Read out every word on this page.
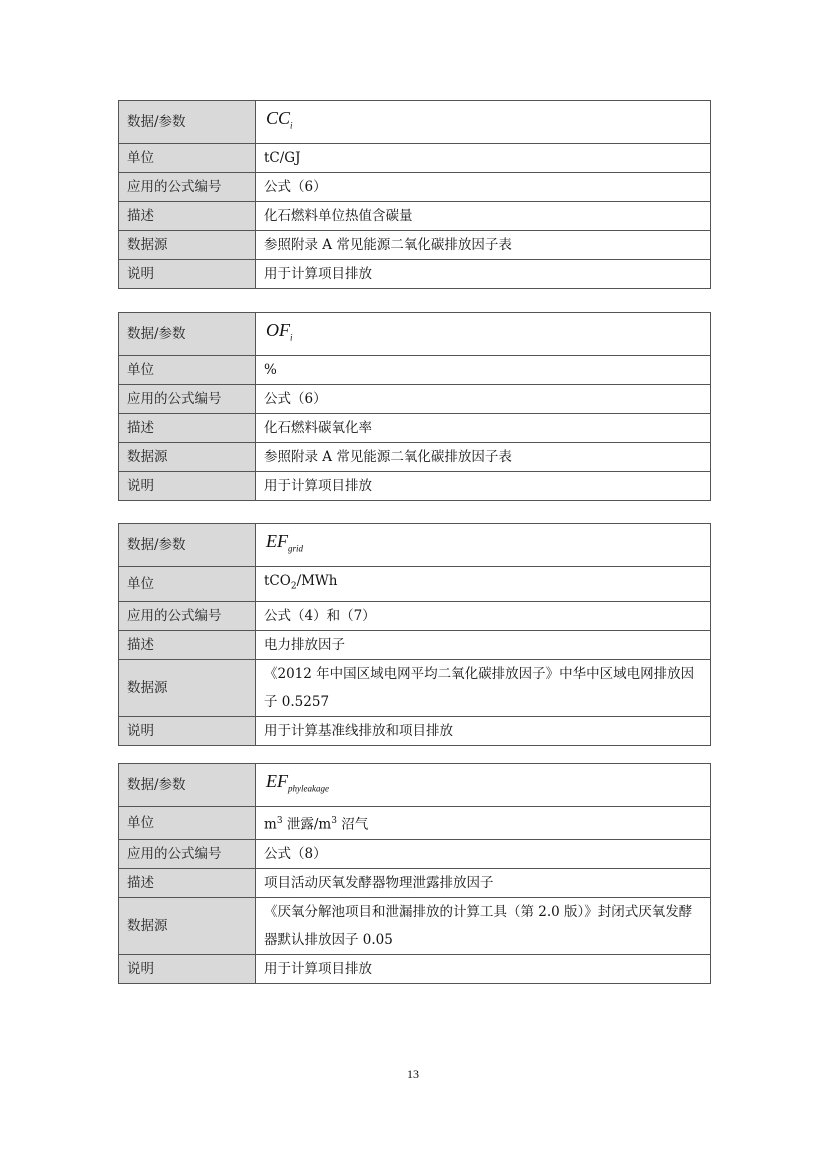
数据/参数	$CC_i$
单位	tC/GJ
应用的公式编号	公式（6）
描述	化石燃料单位热值含碳量
数据源	参照附录 A 常见能源二氧化碳排放因子表
说明	用于计算项目排放
数据/参数	$OF_i$
单位	%
应用的公式编号	公式（6）
描述	化石燃料碳氧化率
数据源	参照附录 A 常见能源二氧化碳排放因子表
说明	用于计算项目排放
数据/参数	$EF_{grid}$
单位	tCO$_2$/MWh
应用的公式编号	公式（4）和（7）
描述	电力排放因子
数据源	《2012 年中国区域电网平均二氧化碳排放因子》中华中区域电网排放因子 0.5257
说明	用于计算基准线排放和项目排放
数据/参数	$EF_{phyleakage}$
单位	$m^3$ 泄露$/m^3$ 沼气
应用的公式编号	公式（8）
描述	项目活动厌氧发酵器物理泄露排放因子
数据源	《厌氧分解池项目和泄漏排放的计算工具（第 2.0 版）》封闭式厌氧发酵器默认排放因子 0.05
说明	用于计算项目排放
13
